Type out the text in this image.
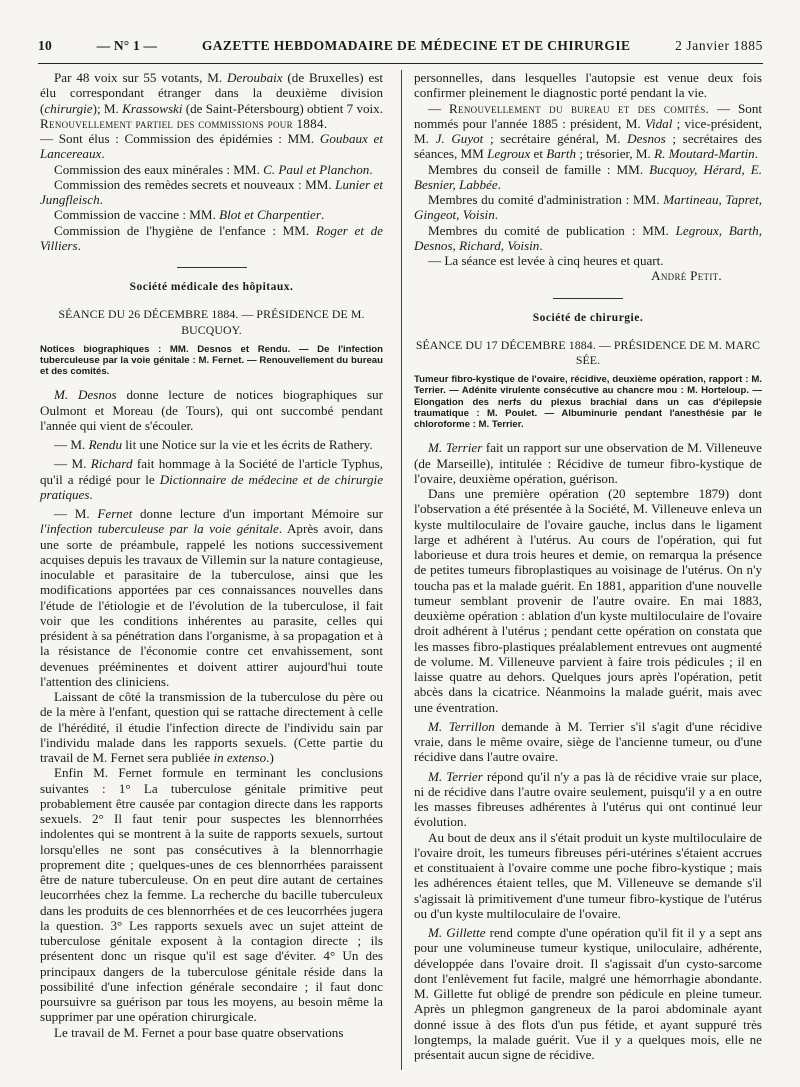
10	— N° 1 —	GAZETTE HEBDOMADAIRE DE MÉDECINE ET DE CHIRURGIE	2 Janvier 1885

Par 48 voix sur 55 votants, M. Deroubaix (de Bruxelles) est élu correspondant étranger dans la deuxième division (chirurgie); M. Krassowski (de Saint-Pétersbourg) obtient 7 voix.

Renouvellement partiel des commissions pour 1884.

— Sont élus : Commission des épidémies : MM. Goubaux et Lancereaux.

Commission des eaux minérales : MM. C. Paul et Planchon.

Commission des remèdes secrets et nouveaux : MM. Lunier et Jungfleisch.

Commission de vaccine : MM. Blot et Charpentier.

Commission de l'hygiène de l'enfance : MM. Roger et de Villiers.

Société médicale des hôpitaux.
SÉANCE DU 26 DÉCEMBRE 1884. — PRÉSIDENCE DE M. BUCQUOY.
Notices biographiques : MM. Desnos et Rendu. — De l'infection tuberculeuse par la voie génitale : M. Fernet. — Renouvellement du bureau et des comités.

M. Desnos donne lecture de notices biographiques sur Oulmont et Moreau (de Tours), qui ont succombé pendant l'année qui vient de s'écouler.

— M. Rendu lit une Notice sur la vie et les écrits de Rathery.

— M. Richard fait hommage à la Société de l'article Typhus, qu'il a rédigé pour le Dictionnaire de médecine et de chirurgie pratiques.

— M. Fernet donne lecture d'un important Mémoire sur l'infection tuberculeuse par la voie génitale. Après avoir, dans une sorte de préambule, rappelé les notions successivement acquises depuis les travaux de Villemin sur la nature contagieuse, inoculable et parasitaire de la tuberculose, ainsi que les modifications apportées par ces connaissances nouvelles dans l'étude de l'étiologie et de l'évolution de la tuberculose, il fait voir que les conditions inhérentes au parasite, celles qui président à sa pénétration dans l'organisme, à sa propagation et à la résistance de l'économie contre cet envahissement, sont devenues prééminentes et doivent attirer aujourd'hui toute l'attention des cliniciens.

Laissant de côté la transmission de la tuberculose du père ou de la mère à l'enfant, question qui se rattache directement à celle de l'hérédité, il étudie l'infection directe de l'individu sain par l'individu malade dans les rapports sexuels. (Cette partie du travail de M. Fernet sera publiée in extenso.)

Enfin M. Fernet formule en terminant les conclusions suivantes : 1° La tuberculose génitale primitive peut probablement être causée par contagion directe dans les rapports sexuels. 2° Il faut tenir pour suspectes les blennorrhées indolentes qui se montrent à la suite de rapports sexuels, surtout lorsqu'elles ne sont pas consécutives à la blennorrhagie proprement dite ; quelques-unes de ces blennorrhées paraissent être de nature tuberculeuse. On en peut dire autant de certaines leucorrhées chez la femme. La recherche du bacille tuberculeux dans les produits de ces blennorrhées et de ces leucorrhées jugera la question. 3° Les rapports sexuels avec un sujet atteint de tuberculose génitale exposent à la contagion directe ; ils présentent donc un risque qu'il est sage d'éviter. 4° Un des principaux dangers de la tuberculose génitale réside dans la possibilité d'une infection générale secondaire ; il faut donc poursuivre sa guérison par tous les moyens, au besoin même la supprimer par une opération chirurgicale.

Le travail de M. Fernet a pour base quatre observations

personnelles, dans lesquelles l'autopsie est venue deux fois confirmer pleinement le diagnostic porté pendant la vie.

— Renouvellement du bureau et des comités. — Sont nommés pour l'année 1885 : président, M. Vidal ; vice-président, M. J. Guyot ; secrétaire général, M. Desnos ; secrétaires des séances, MM Legroux et Barth ; trésorier, M. R. Moutard-Martin.

Membres du conseil de famille : MM. Bucquoy, Hérard, E. Besnier, Labbée.

Membres du comité d'administration : MM. Martineau, Tapret, Gingeot, Voisin.

Membres du comité de publication : MM. Legroux, Barth, Desnos, Richard, Voisin.

— La séance est levée à cinq heures et quart.

André Petit.

Société de chirurgie.
SÉANCE DU 17 DÉCEMBRE 1884. — PRÉSIDENCE DE M. MARC SÉE.
Tumeur fibro-kystique de l'ovaire, récidive, deuxième opération, rapport : M. Terrier. — Adénite virulente consécutive au chancre mou : M. Horteloup. — Elongation des nerfs du plexus brachial dans un cas d'épilepsie traumatique : M. Poulet. — Albuminurie pendant l'anesthésie par le chloroforme : M. Terrier.

M. Terrier fait un rapport sur une observation de M. Villeneuve (de Marseille), intitulée : Récidive de tumeur fibro-kystique de l'ovaire, deuxième opération, guérison.

Dans une première opération (20 septembre 1879) dont l'observation a été présentée à la Société, M. Villeneuve enleva un kyste multiloculaire de l'ovaire gauche, inclus dans le ligament large et adhérent à l'utérus. Au cours de l'opération, qui fut laborieuse et dura trois heures et demie, on remarqua la présence de petites tumeurs fibroplastiques au voisinage de l'utérus. On n'y toucha pas et la malade guérit. En 1881, apparition d'une nouvelle tumeur semblant provenir de l'autre ovaire. En mai 1883, deuxième opération : ablation d'un kyste multiloculaire de l'ovaire droit adhérent à l'utérus ; pendant cette opération on constata que les masses fibro-plastiques préalablement entrevues ont augmenté de volume. M. Villeneuve parvient à faire trois pédicules ; il en laisse quatre au dehors. Quelques jours après l'opération, petit abcès dans la cicatrice. Néanmoins la malade guérit, mais avec une éventration.

M. Terrillon demande à M. Terrier s'il s'agit d'une récidive vraie, dans le même ovaire, siège de l'ancienne tumeur, ou d'une récidive dans l'autre ovaire.

M. Terrier répond qu'il n'y a pas là de récidive vraie sur place, ni de récidive dans l'autre ovaire seulement, puisqu'il y a en outre les masses fibreuses adhérentes à l'utérus qui ont continué leur évolution.

Au bout de deux ans il s'était produit un kyste multiloculaire de l'ovaire droit, les tumeurs fibreuses péri-utérines s'étaient accrues et constituaient à l'ovaire comme une poche fibro-kystique ; mais les adhérences étaient telles, que M. Villeneuve se demande s'il s'agissait là primitivement d'une tumeur fibro-kystique de l'utérus ou d'un kyste multiloculaire de l'ovaire.

M. Gillette rend compte d'une opération qu'il fit il y a sept ans pour une volumineuse tumeur kystique, uniloculaire, adhérente, développée dans l'ovaire droit. Il s'agissait d'un cysto-sarcome dont l'enlèvement fut facile, malgré une hémorrhagie abondante. M. Gillette fut obligé de prendre son pédicule en pleine tumeur. Après un phlegmon gangreneux de la paroi abdominale ayant donné issue à des flots d'un pus fétide, et ayant suppuré très longtemps, la malade guérit. Vue il y a quelques mois, elle ne présentait aucun signe de récidive.
